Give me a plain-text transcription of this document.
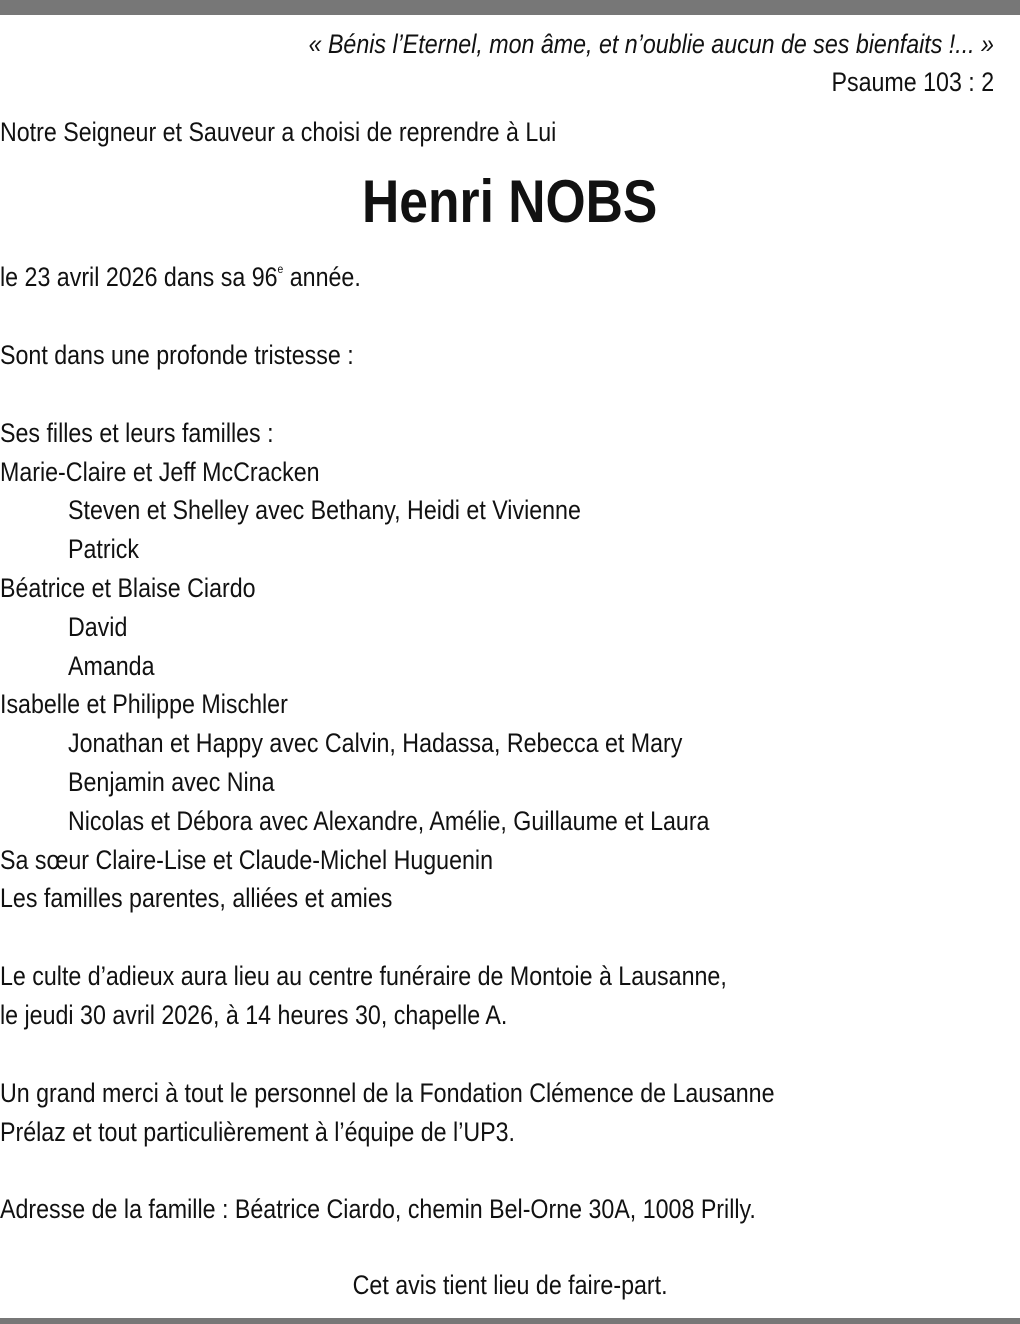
« Bénis l’Eternel, mon âme, et n’oublie aucun de ses bienfaits !... »
Psaume 103 : 2
Notre Seigneur et Sauveur a choisi de reprendre à Lui
Henri NOBS
le 23 avril 2026 dans sa 96e année.
Sont dans une profonde tristesse :
Ses filles et leurs familles :
Marie-Claire et Jeff McCracken
Steven et Shelley avec Bethany, Heidi et Vivienne
Patrick
Béatrice et Blaise Ciardo
David
Amanda
Isabelle et Philippe Mischler
Jonathan et Happy avec Calvin, Hadassa, Rebecca et Mary
Benjamin avec Nina
Nicolas et Débora avec Alexandre, Amélie, Guillaume et Laura
Sa sœur Claire-Lise et Claude-Michel Huguenin
Les familles parentes, alliées et amies
Le culte d’adieux aura lieu au centre funéraire de Montoie à Lausanne,
le jeudi 30 avril 2026, à 14 heures 30, chapelle A.
Un grand merci à tout le personnel de la Fondation Clémence de Lausanne
Prélaz et tout particulièrement à l’équipe de l’UP3.
Adresse de la famille : Béatrice Ciardo, chemin Bel-Orne 30A, 1008 Prilly.
Cet avis tient lieu de faire-part.
